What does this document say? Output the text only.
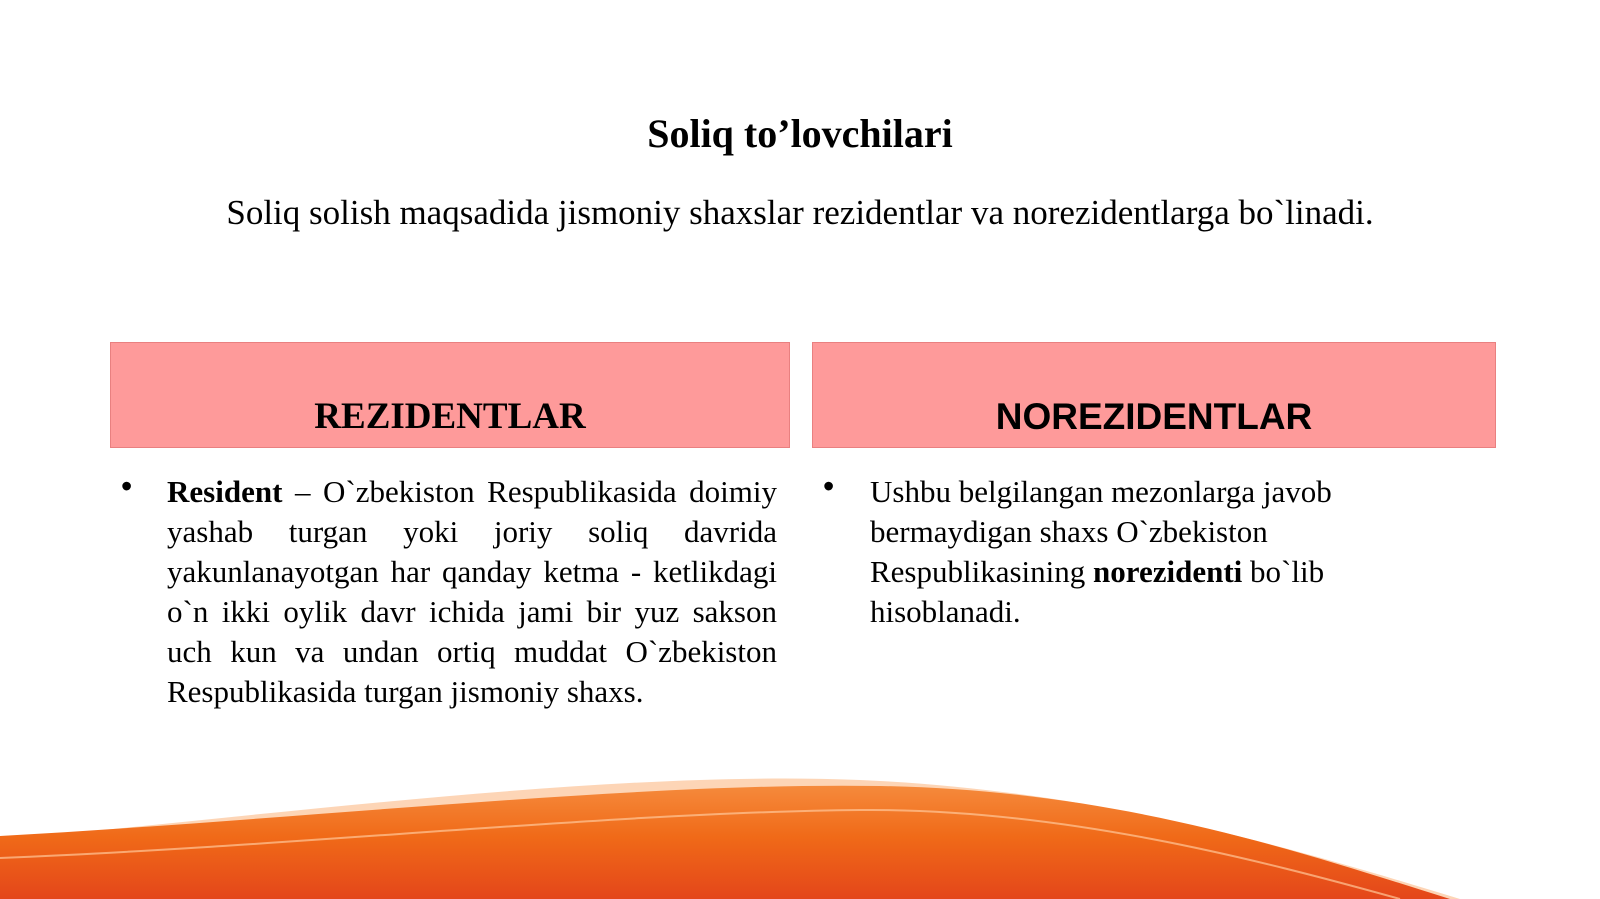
Soliq to’lovchilari

Soliq solish maqsadida jismoniy shaxslar rezidentlar va norezidentlarga bo`linadi.

REZIDENTLAR	NOREZIDENTLAR
• Resident – O`zbekiston Respublikasida doimiy yashab turgan yoki joriy soliq davrida yakunlanayotgan har qanday ketma - ketlikdagi o`n ikki oylik davr ichida jami bir yuz sakson uch kun va undan ortiq muddat O`zbekiston Respublikasida turgan jismoniy shaxs.

• Ushbu belgilangan mezonlarga javob bermaydigan shaxs O`zbekiston Respublikasining norezidenti bo`lib hisoblanadi.
